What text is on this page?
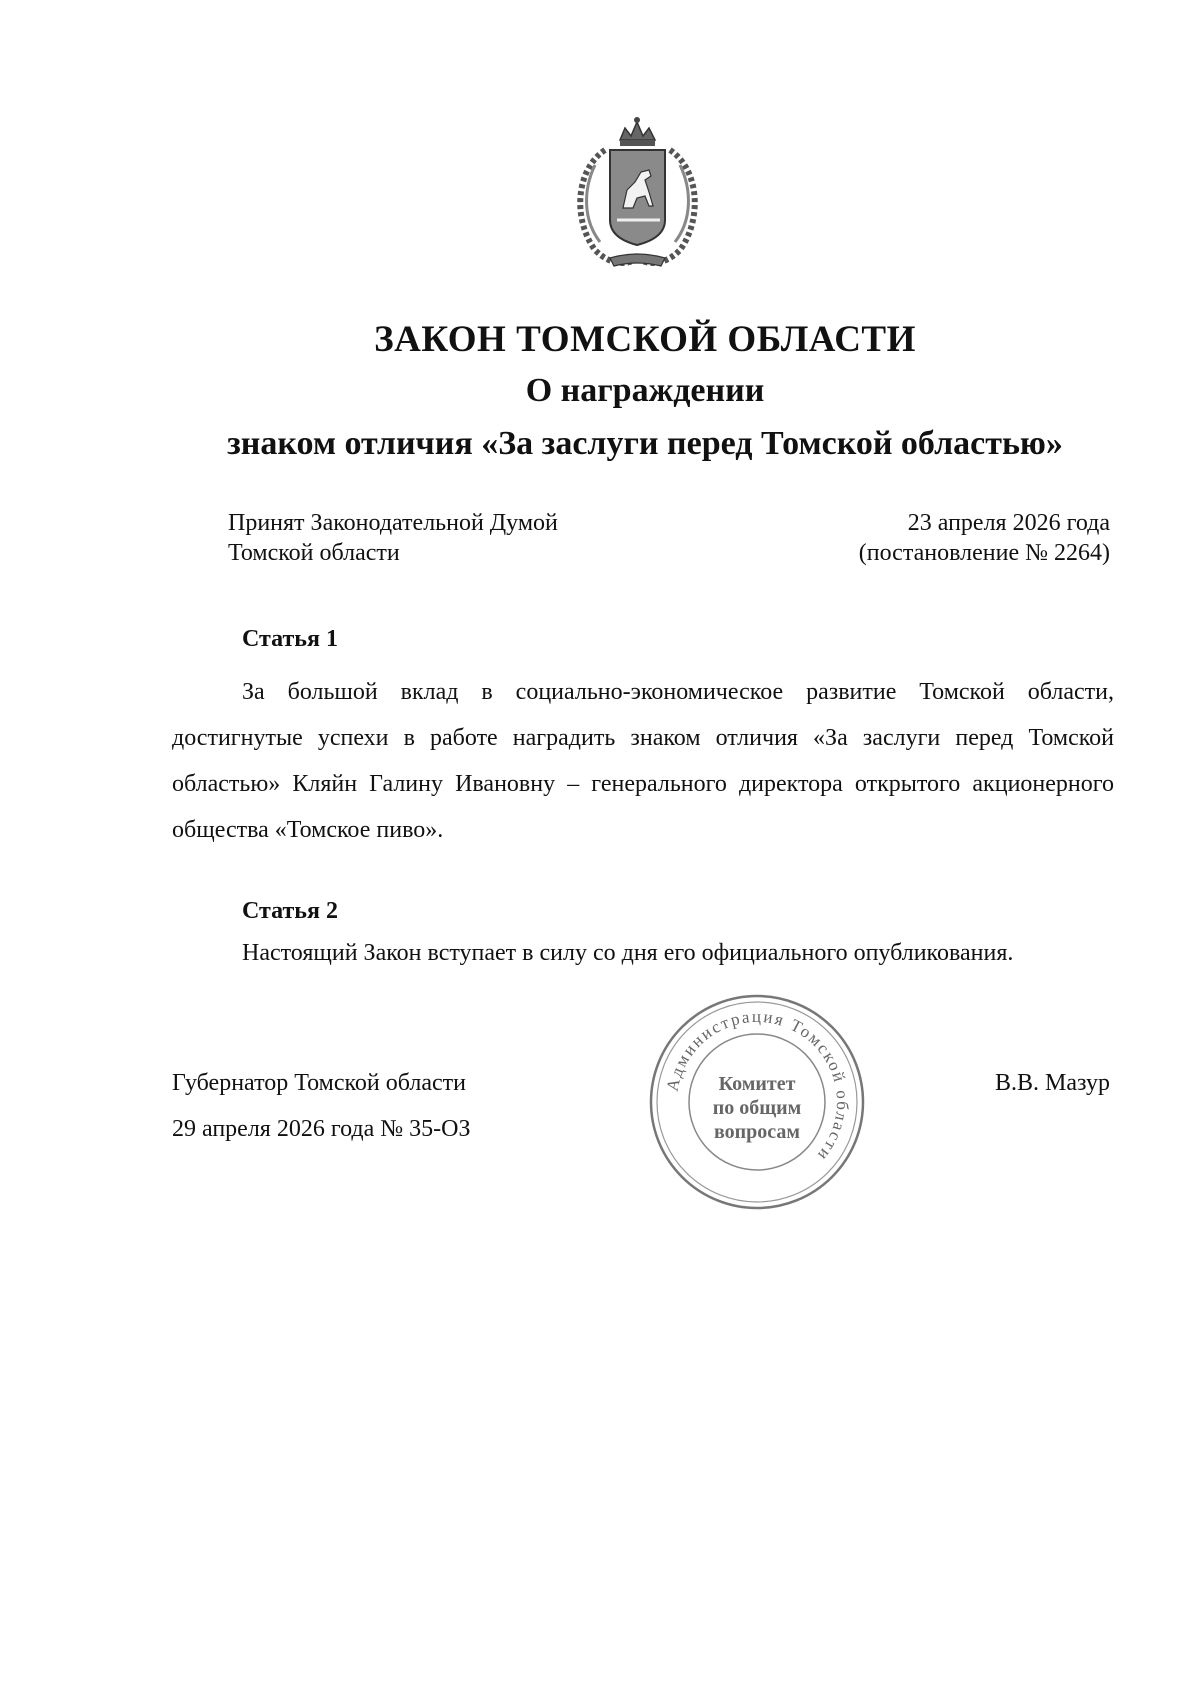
ЗАКОН ТОМСКОЙ ОБЛАСТИ
О награждении
знаком отличия «За заслуги перед Томской областью»
Принят Законодательной Думой
Томской области
23 апреля 2026 года
(постановление № 2264)
Статья 1
За большой вклад в социально-экономическое развитие Томской области, достигнутые успехи в работе наградить знаком отличия «За заслуги перед Томской областью» Кляйн Галину Ивановну – генерального директора открытого акционерного общества «Томское пиво».
Статья 2
Настоящий Закон вступает в силу со дня его официального опубликования.
Губернатор Томской области
29 апреля 2026 года № 35-ОЗ
В.В. Мазур
Администрация Томской области
Комитет
по общим
вопросам
